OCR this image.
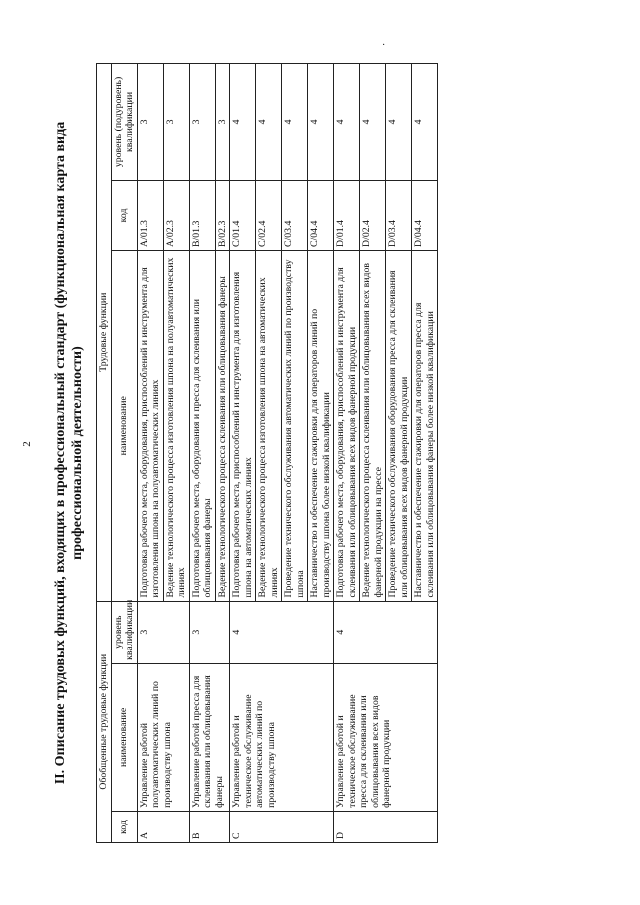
2
·
II. Описание трудовых функций, входящих в профессиональный стандарт (функциональная карта вида профессиональной деятельности)
Обобщенные трудовые функции			Трудовые функции		
код	наименование	уровень квалификации	наименование	код	уровень (подуровень) квалификации
A	Управление работой полуавтоматических линий по производству шпона	3	Подготовка рабочего места, оборудования, приспособлений и инструмента для изготовления шпона на полуавтоматических линиях	A/01.3	3
			Ведение технологического процесса изготовления шпона на полуавтоматических линиях	A/02.3	3
B	Управление работой пресса для склеивания или облицовывания фанеры	3	Подготовка рабочего места, оборудования и пресса для склеивания или облицовывания фанеры	B/01.3	3
			Ведение технологического процесса склеивания или облицовывания фанеры	B/02.3	3
C	Управление работой и техническое обслуживание автоматических линий по производству шпона	4	Подготовка рабочего места, приспособлений и инструмента для изготовления шпона на автоматических линиях	C/01.4	4
			Ведение технологического процесса изготовления шпона на автоматических линиях	C/02.4	4
			Проведение технического обслуживания автоматических линий по производству шпона	C/03.4	4
			Наставничество и обеспечение стажировки для операторов линий по производству шпона более низкой квалификации	C/04.4	4
D	Управление работой и техническое обслуживание пресса для склеивания или облицовывания всех видов фанерной продукции	4	Подготовка рабочего места, оборудования, приспособлений и инструмента для склеивания или облицовывания всех видов фанерной продукции	D/01.4	4
			Ведение технологического процесса склеивания или облицовывания всех видов фанерной продукции на прессе	D/02.4	4
			Проведение технического обслуживания оборудования пресса для склеивания или облицовывания всех видов фанерной продукции	D/03.4	4
			Наставничество и обеспечение стажировки для операторов пресса для склеивания или облицовывания фанеры более низкой квалификации	D/04.4	4
